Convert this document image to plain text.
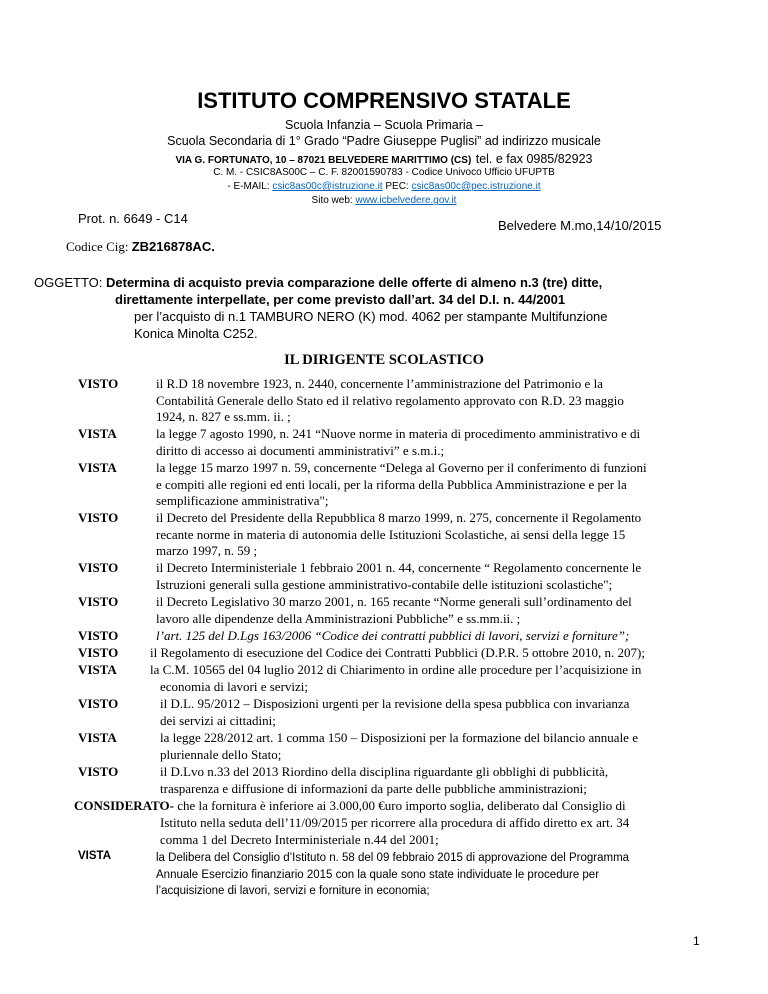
ISTITUTO COMPRENSIVO STATALE
Scuola Infanzia – Scuola Primaria –
Scuola Secondaria di 1° Grado “Padre Giuseppe Puglisi” ad indirizzo musicale
VIA G. FORTUNATO, 10 – 87021 BELVEDERE MARITTIMO (CS) tel. e fax 0985/82923
C. M. - CSIC8AS00C – C. F. 82001590783 - Codice Univoco Ufficio UFUPTB
- E-MAIL: csic8as00c@istruzione.it PEC: csic8as00c@pec.istruzione.it
Sito web: www.icbelvedere.gov.it
Prot. n. 6649 - C14	Belvedere M.mo,14/10/2015
Codice Cig: ZB216878AC.
OGGETTO: Determina di acquisto previa comparazione delle offerte di almeno n.3 (tre) ditte,
direttamente interpellate, per come previsto dall’art. 34 del D.I. n. 44/2001
per l’acquisto di n.1 TAMBURO NERO (K) mod. 4062 per stampante Multifunzione
Konica Minolta C252.
IL DIRIGENTE SCOLASTICO
VISTO	il R.D 18 novembre 1923, n. 2440, concernente l’amministrazione del Patrimonio e la
Contabilità Generale dello Stato ed il relativo regolamento approvato con R.D. 23 maggio
1924, n. 827 e ss.mm. ii. ;
VISTA	la legge 7 agosto 1990, n. 241 “Nuove norme in materia di procedimento amministrativo e di
diritto di accesso ai documenti amministrativi” e s.m.i.;
VISTA	la legge 15 marzo 1997 n. 59, concernente “Delega al Governo per il conferimento di funzioni
e compiti alle regioni ed enti locali, per la riforma della Pubblica Amministrazione e per la
semplificazione amministrativa";
VISTO	il Decreto del Presidente della Repubblica 8 marzo 1999, n. 275, concernente il Regolamento
recante norme in materia di autonomia delle Istituzioni Scolastiche, ai sensi della legge 15
marzo 1997, n. 59 ;
VISTO	il Decreto Interministeriale 1 febbraio 2001 n. 44, concernente “ Regolamento concernente le
Istruzioni generali sulla gestione amministrativo-contabile delle istituzioni scolastiche";
VISTO	il Decreto Legislativo 30 marzo 2001, n. 165 recante “Norme generali sull’ordinamento del
lavoro alle dipendenze della Amministrazioni Pubbliche” e ss.mm.ii. ;
VISTO	l’art. 125 del D.Lgs 163/2006 “Codice dei contratti pubblici di lavori, servizi e forniture”;
VISTO il Regolamento di esecuzione del Codice dei Contratti Pubblici (D.P.R. 5 ottobre 2010, n. 207);
VISTA	la C.M. 10565 del 04 luglio 2012 di Chiarimento in ordine alle procedure per l’acquisizione in
economia di lavori e servizi;
VISTO	il D.L. 95/2012 – Disposizioni urgenti per la revisione della spesa pubblica con invarianza
dei servizi ai cittadini;
VISTA	la legge 228/2012 art. 1 comma 150 – Disposizioni per la formazione del bilancio annuale e
pluriennale dello Stato;
VISTO	il D.Lvo n.33 del 2013 Riordino della disciplina riguardante gli obblighi di pubblicità,
trasparenza e diffusione di informazioni da parte delle pubbliche amministrazioni;
CONSIDERATO- che la fornitura è inferiore ai 3.000,00 €uro importo soglia, deliberato dal Consiglio di
Istituto nella seduta dell’11/09/2015 per ricorrere alla procedura di affido diretto ex art. 34
comma 1 del Decreto Interministeriale n.44 del 2001;
VISTA	la Delibera del Consiglio d’Istituto n. 58 del 09 febbraio 2015 di approvazione del Programma
Annuale Esercizio finanziario 2015 con la quale sono state individuate le procedure per
l’acquisizione di lavori, servizi e forniture in economia;
1
